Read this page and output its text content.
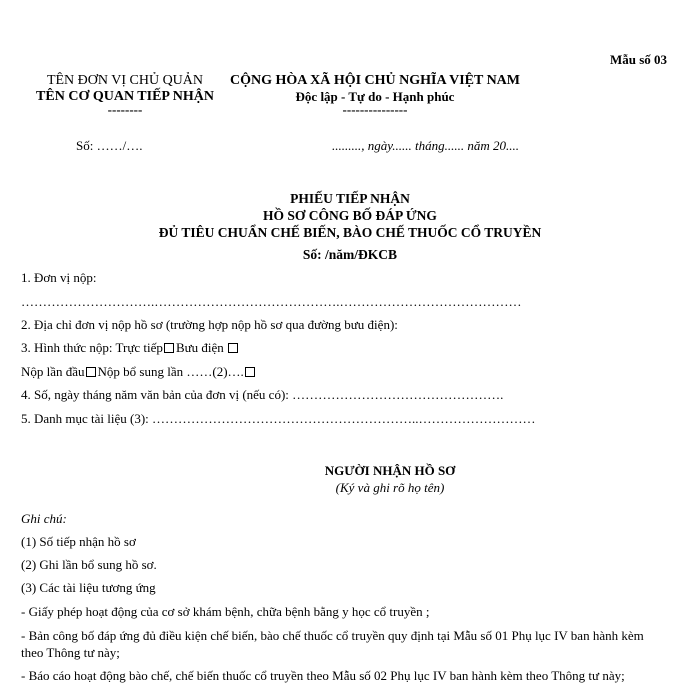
Mẫu số 03
TÊN ĐƠN VỊ CHỦ QUẢN
TÊN CƠ QUAN TIẾP NHẬN
--------
CỘNG HÒA XÃ HỘI CHỦ NGHĨA VIỆT NAM
Độc lập - Tự do - Hạnh phúc
---------------
Số: ……/….	........., ngày...... tháng...... năm 20....
PHIẾU TIẾP NHẬN
HỒ SƠ CÔNG BỐ ĐÁP ỨNG
ĐỦ TIÊU CHUẨN CHẾ BIẾN, BÀO CHẾ THUỐC CỔ TRUYỀN
Số: /năm/ĐKCB
1. Đơn vị nộp:
………………………….…………………………………….……………………………………
2. Địa chỉ đơn vị nộp hồ sơ (trường hợp nộp hồ sơ qua đường bưu điện):
3. Hình thức nộp: Trực tiếp Bưu điện
Nộp lần đầu Nộp bổ sung lần ……(2)….
4. Số, ngày tháng năm văn bản của đơn vị (nếu có): ………………………………………….
5. Danh mục tài liệu (3): ……………………………………………………..………………………
NGƯỜI NHẬN HỒ SƠ
(Ký và ghi rõ họ tên)
Ghi chú:
(1) Số tiếp nhận hồ sơ
(2) Ghi lần bổ sung hồ sơ.
(3) Các tài liệu tương ứng
- Giấy phép hoạt động của cơ sở khám bệnh, chữa bệnh bằng y học cổ truyền ;
- Bản công bố đáp ứng đủ điều kiện chế biến, bào chế thuốc cổ truyền quy định tại Mẫu số 01 Phụ lục IV ban hành kèm theo Thông tư này;
- Báo cáo hoạt động bào chế, chế biến thuốc cổ truyền theo Mẫu số 02 Phụ lục IV ban hành kèm theo Thông tư này;
